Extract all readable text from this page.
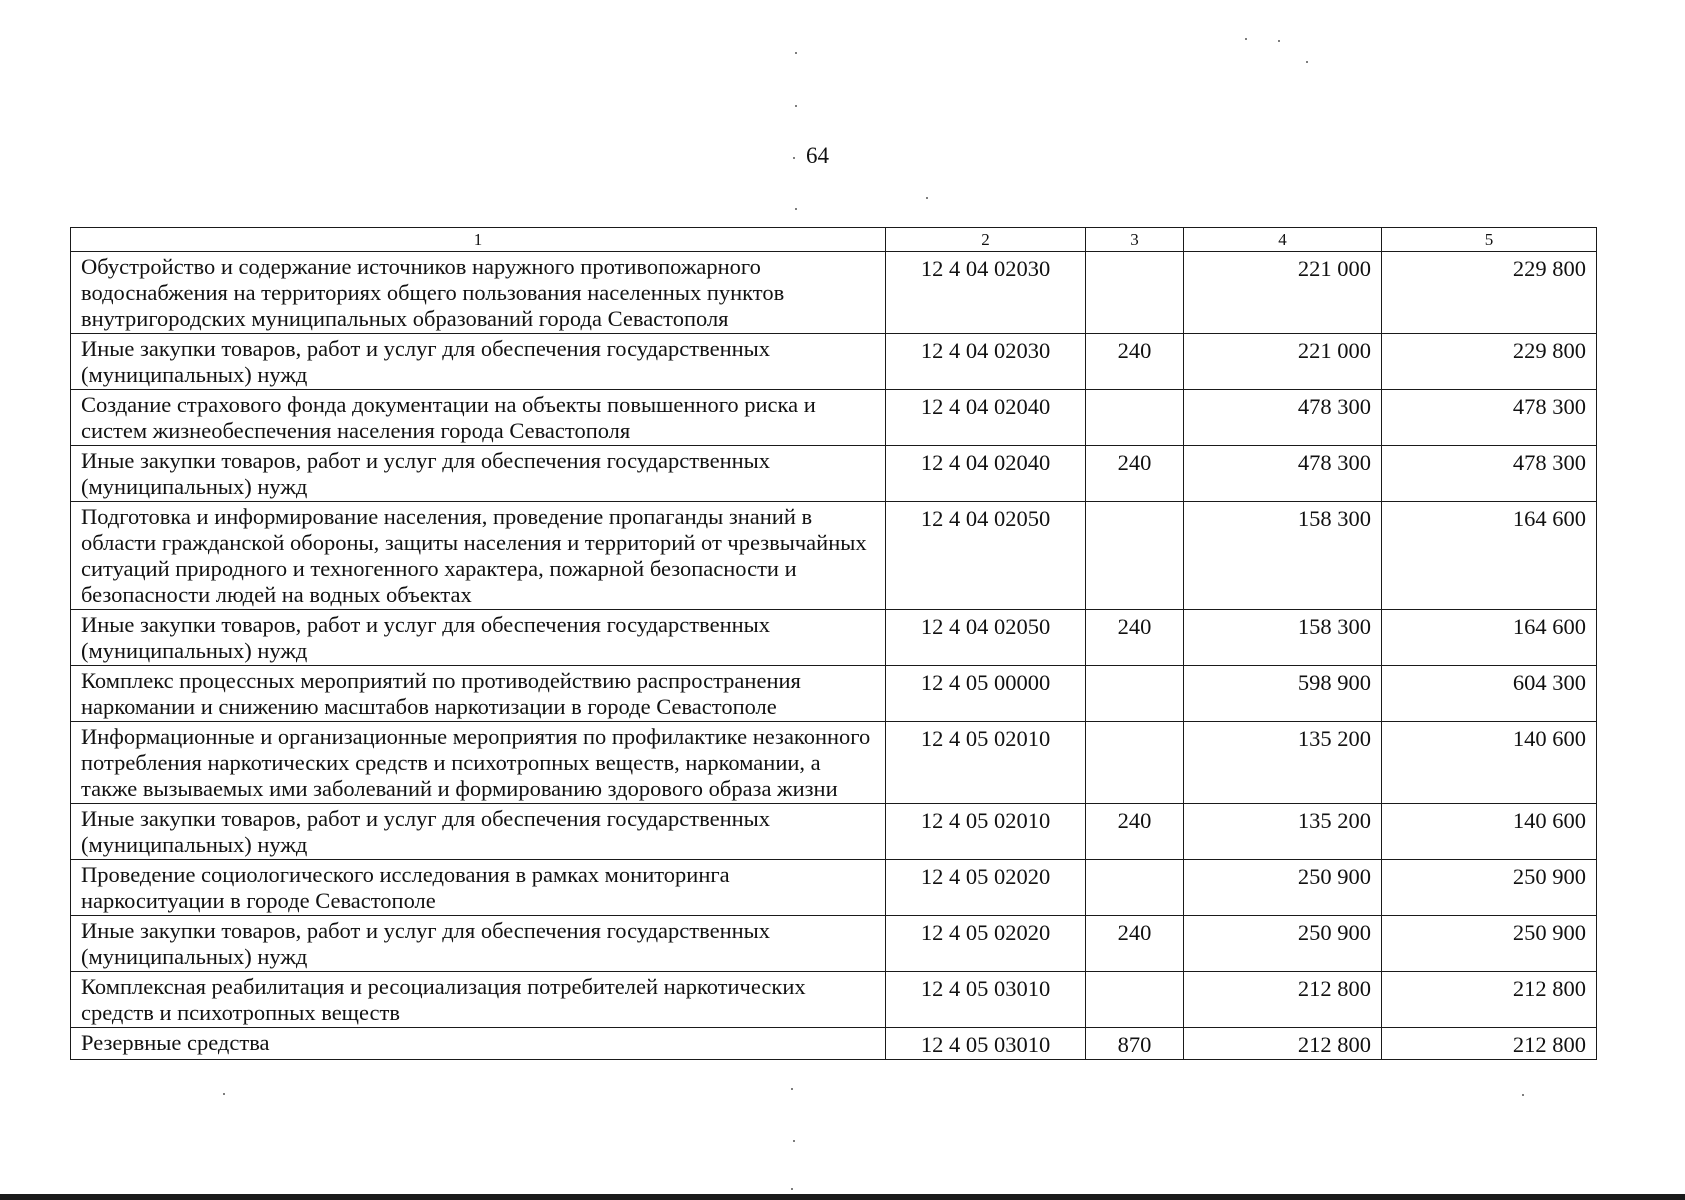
64
1	2	3	4	5
Обустройство и содержание источников наружного противопожарного водоснабжения на территориях общего пользования населенных пунктов внутригородских муниципальных образований города Севастополя	12 4 04 02030		221 000	229 800
Иные закупки товаров, работ и услуг для обеспечения государственных (муниципальных) нужд	12 4 04 02030	240	221 000	229 800
Создание страхового фонда документации на объекты повышенного риска и систем жизнеобеспечения населения города Севастополя	12 4 04 02040		478 300	478 300
Иные закупки товаров, работ и услуг для обеспечения государственных (муниципальных) нужд	12 4 04 02040	240	478 300	478 300
Подготовка и информирование населения, проведение пропаганды знаний в области гражданской обороны, защиты населения и территорий от чрезвычайных ситуаций природного и техногенного характера, пожарной безопасности и безопасности людей на водных объектах	12 4 04 02050		158 300	164 600
Иные закупки товаров, работ и услуг для обеспечения государственных (муниципальных) нужд	12 4 04 02050	240	158 300	164 600
Комплекс процессных мероприятий по противодействию распространения наркомании и снижению масштабов наркотизации в городе Севастополе	12 4 05 00000		598 900	604 300
Информационные и организационные мероприятия по профилактике незаконного потребления наркотических средств и психотропных веществ, наркомании, а также вызываемых ими заболеваний и формированию здорового образа жизни	12 4 05 02010		135 200	140 600
Иные закупки товаров, работ и услуг для обеспечения государственных (муниципальных) нужд	12 4 05 02010	240	135 200	140 600
Проведение социологического исследования в рамках мониторинга наркоситуации в городе Севастополе	12 4 05 02020		250 900	250 900
Иные закупки товаров, работ и услуг для обеспечения государственных (муниципальных) нужд	12 4 05 02020	240	250 900	250 900
Комплексная реабилитация и ресоциализация потребителей наркотических средств и психотропных веществ	12 4 05 03010		212 800	212 800
Резервные средства	12 4 05 03010	870	212 800	212 800
